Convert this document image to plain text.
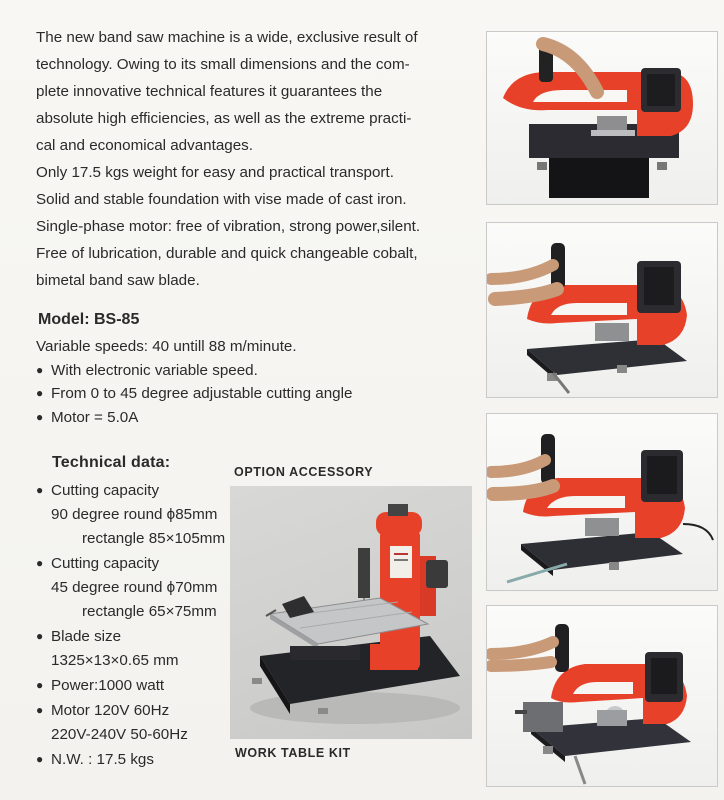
The new band saw machine is a wide, exclusive result of
technology. Owing to its small dimensions and the com-
plete innovative technical features it guarantees the
absolute high efficiencies, as well as the extreme practi-
cal and economical advantages.

Only 17.5 kgs weight for easy and practical transport.

Solid and stable foundation with vise made of cast iron.

Single-phase motor: free of vibration, strong power,silent.

Free of lubrication, durable and quick changeable cobalt,

bimetal band saw blade.

Model: BS-85
Variable speeds: 40 untill 88 m/minute.
● With electronic variable speed.
● From 0 to 45 degree adjustable cutting angle
● Motor = 5.0A
Technical data:
● Cutting capacity
90 degree round ϕ85mm
rectangle 85×105mm
● Cutting capacity
45 degree round ϕ70mm
rectangle 65×75mm
● Blade size
1325×13×0.65 mm
● Power:1000 watt
● Motor 120V 60Hz
220V-240V 50-60Hz
● N.W. : 17.5 kgs
OPTION ACCESSORY
WORK TABLE KIT
